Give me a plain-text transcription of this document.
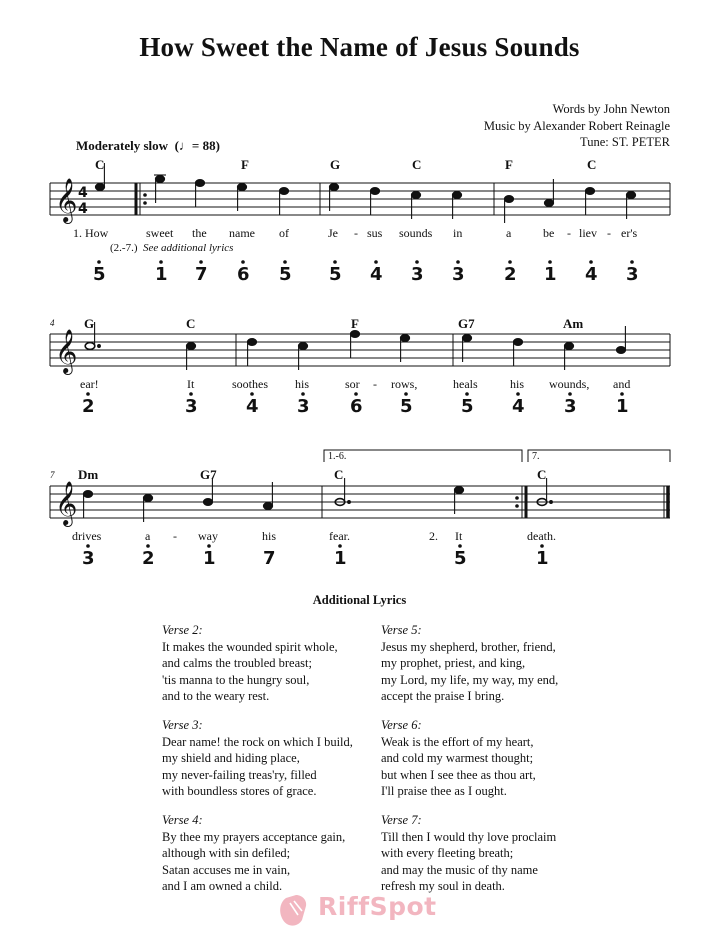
How Sweet the Name of Jesus Sounds
Words by John Newton
Music by Alexander Robert Reinagle
Tune: ST. PETER
Moderately slow  (♩= 88)
𝄞 4
4
𝄞
𝄞
C	F	G	C	F	C
1. How	sweet the name of	Je - sus sounds in	a	be - liev - er's
(2.-7.) See additional lyrics
5	1 7 6 5 5 4 3 3 2 1 4 3
4 G	C	F	G7	Am
ear!	It	soothes his	sor - rows,	heals	his wounds, and
2	3	4 3 6 5	5 4 3 1
7
1.-6.	7.
Dm	G7	C	C
drives	a - way	his	fear.	2. It	death.
3	2	1	7	1	5	1
Additional Lyrics
Verse 2:
It makes the wounded spirit whole,
and calms the troubled breast;
'tis manna to the hungry soul,
and to the weary rest.
Verse 3:
Dear name! the rock on which I build,
my shield and hiding place,
my never-failing treas'ry, filled
with boundless stores of grace.
Verse 4:
By thee my prayers acceptance gain,
although with sin defiled;
Satan accuses me in vain,
and I am owned a child.
Verse 5:
Jesus my shepherd, brother, friend,
my prophet, priest, and king,
my Lord, my life, my way, my end,
accept the praise I bring.
Verse 6:
Weak is the effort of my heart,
and cold my warmest thought;
but when I see thee as thou art,
I'll praise thee as I ought.
Verse 7:
Till then I would thy love proclaim
with every fleeting breath;
and may the music of thy name
refresh my soul in death.
RiffSpot
